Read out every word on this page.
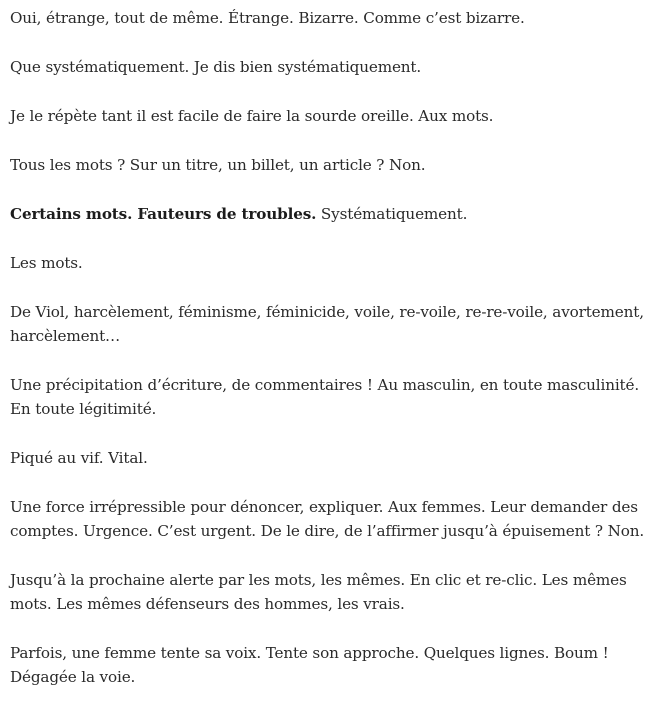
Oui, étrange, tout de même. Étrange. Bizarre. Comme c’est bizarre.

Que systématiquement. Je dis bien systématiquement.

Je le répète tant il est facile de faire la sourde oreille. Aux mots.

Tous les mots ? Sur un titre, un billet, un article ? Non.

Certains mots. Fauteurs de troubles. Systématiquement.

Les mots.

De Viol, harcèlement, féminisme, féminicide, voile, re-voile, re-re-voile, avortement, harcèlement…

Une précipitation d’écriture, de commentaires ! Au masculin, en toute masculinité. En toute légitimité.

Piqué au vif. Vital.

Une force irrépressible pour dénoncer, expliquer. Aux femmes. Leur demander des comptes. Urgence. C’est urgent. De le dire, de l’affirmer jusqu’à épuisement ? Non.

Jusqu’à la prochaine alerte par les mots, les mêmes. En clic et re-clic. Les mêmes mots. Les mêmes défenseurs des hommes, les vrais.

Parfois, une femme tente sa voix. Tente son approche. Quelques lignes. Boum ! Dégagée la voie.
